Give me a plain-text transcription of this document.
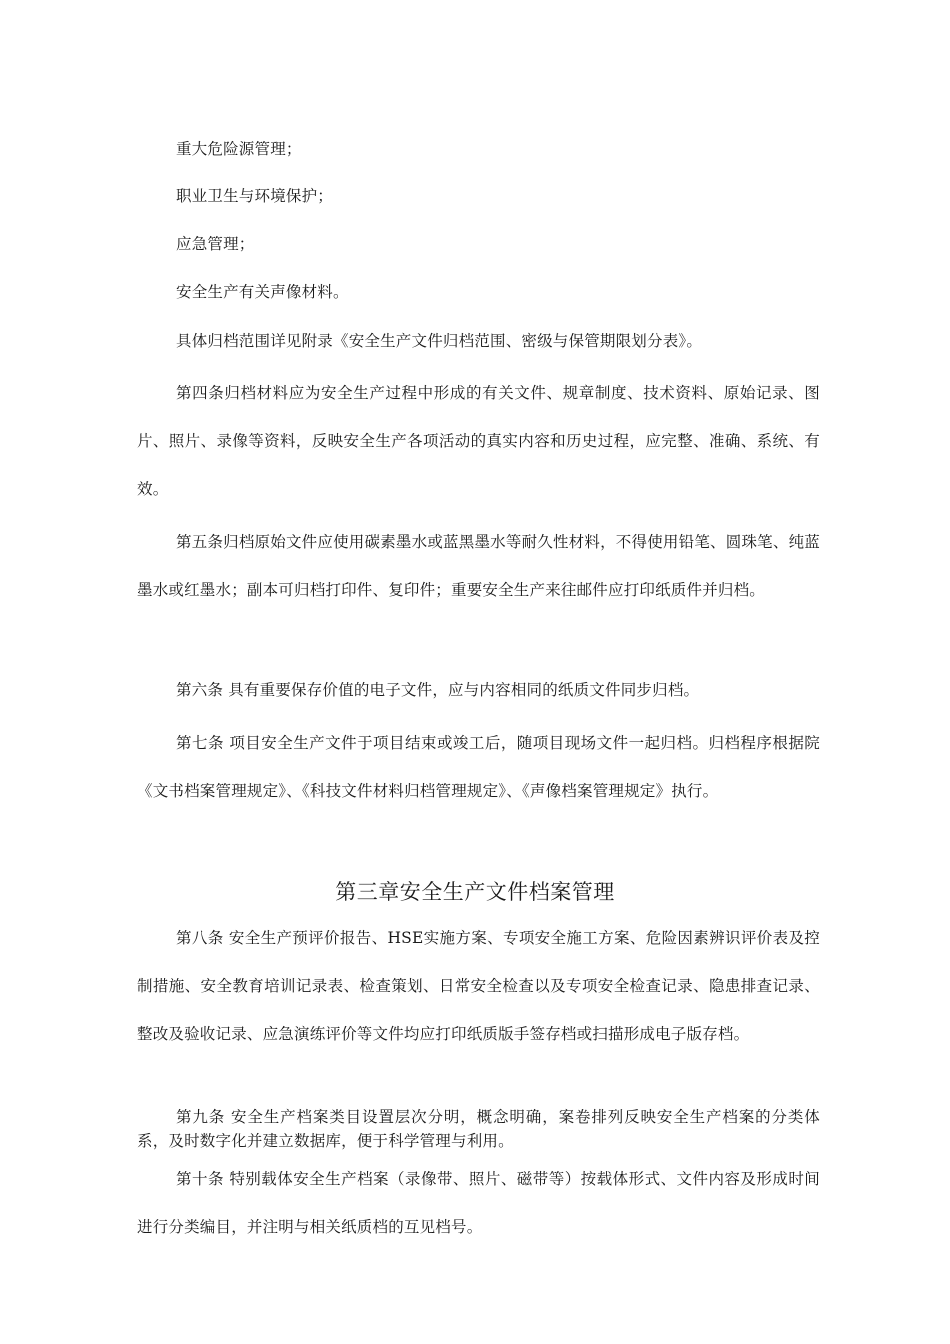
重大危险源管理；
职业卫生与环境保护；
应急管理；
安全生产有关声像材料。
具体归档范围详见附录《安全生产文件归档范围、密级与保管期限划分表》。

第四条归档材料应为安全生产过程中形成的有关文件、规章制度、技术资料、原始记录、图片、照片、录像等资料，反映安全生产各项活动的真实内容和历史过程，应完整、准确、系统、有效。

第五条归档原始文件应使用碳素墨水或蓝黑墨水等耐久性材料，不得使用铅笔、圆珠笔、纯蓝墨水或红墨水；副本可归档打印件、复印件；重要安全生产来往邮件应打印纸质件并归档。

第六条 具有重要保存价值的电子文件，应与内容相同的纸质文件同步归档。

第七条 项目安全生产文件于项目结束或竣工后，随项目现场文件一起归档。归档程序根据院《文书档案管理规定》、《科技文件材料归档管理规定》、《声像档案管理规定》执行。

第三章安全生产文件档案管理

第八条 安全生产预评价报告、HSE实施方案、专项安全施工方案、危险因素辨识评价表及控制措施、安全教育培训记录表、检查策划、日常安全检查以及专项安全检查记录、隐患排查记录、整改及验收记录、应急演练评价等文件均应打印纸质版手签存档或扫描形成电子版存档。

第九条 安全生产档案类目设置层次分明，概念明确，案卷排列反映安全生产档案的分类体系，及时数字化并建立数据库，便于科学管理与利用。

第十条 特别载体安全生产档案（录像带、照片、磁带等）按载体形式、文件内容及形成时间进行分类编目，并注明与相关纸质档的互见档号。
